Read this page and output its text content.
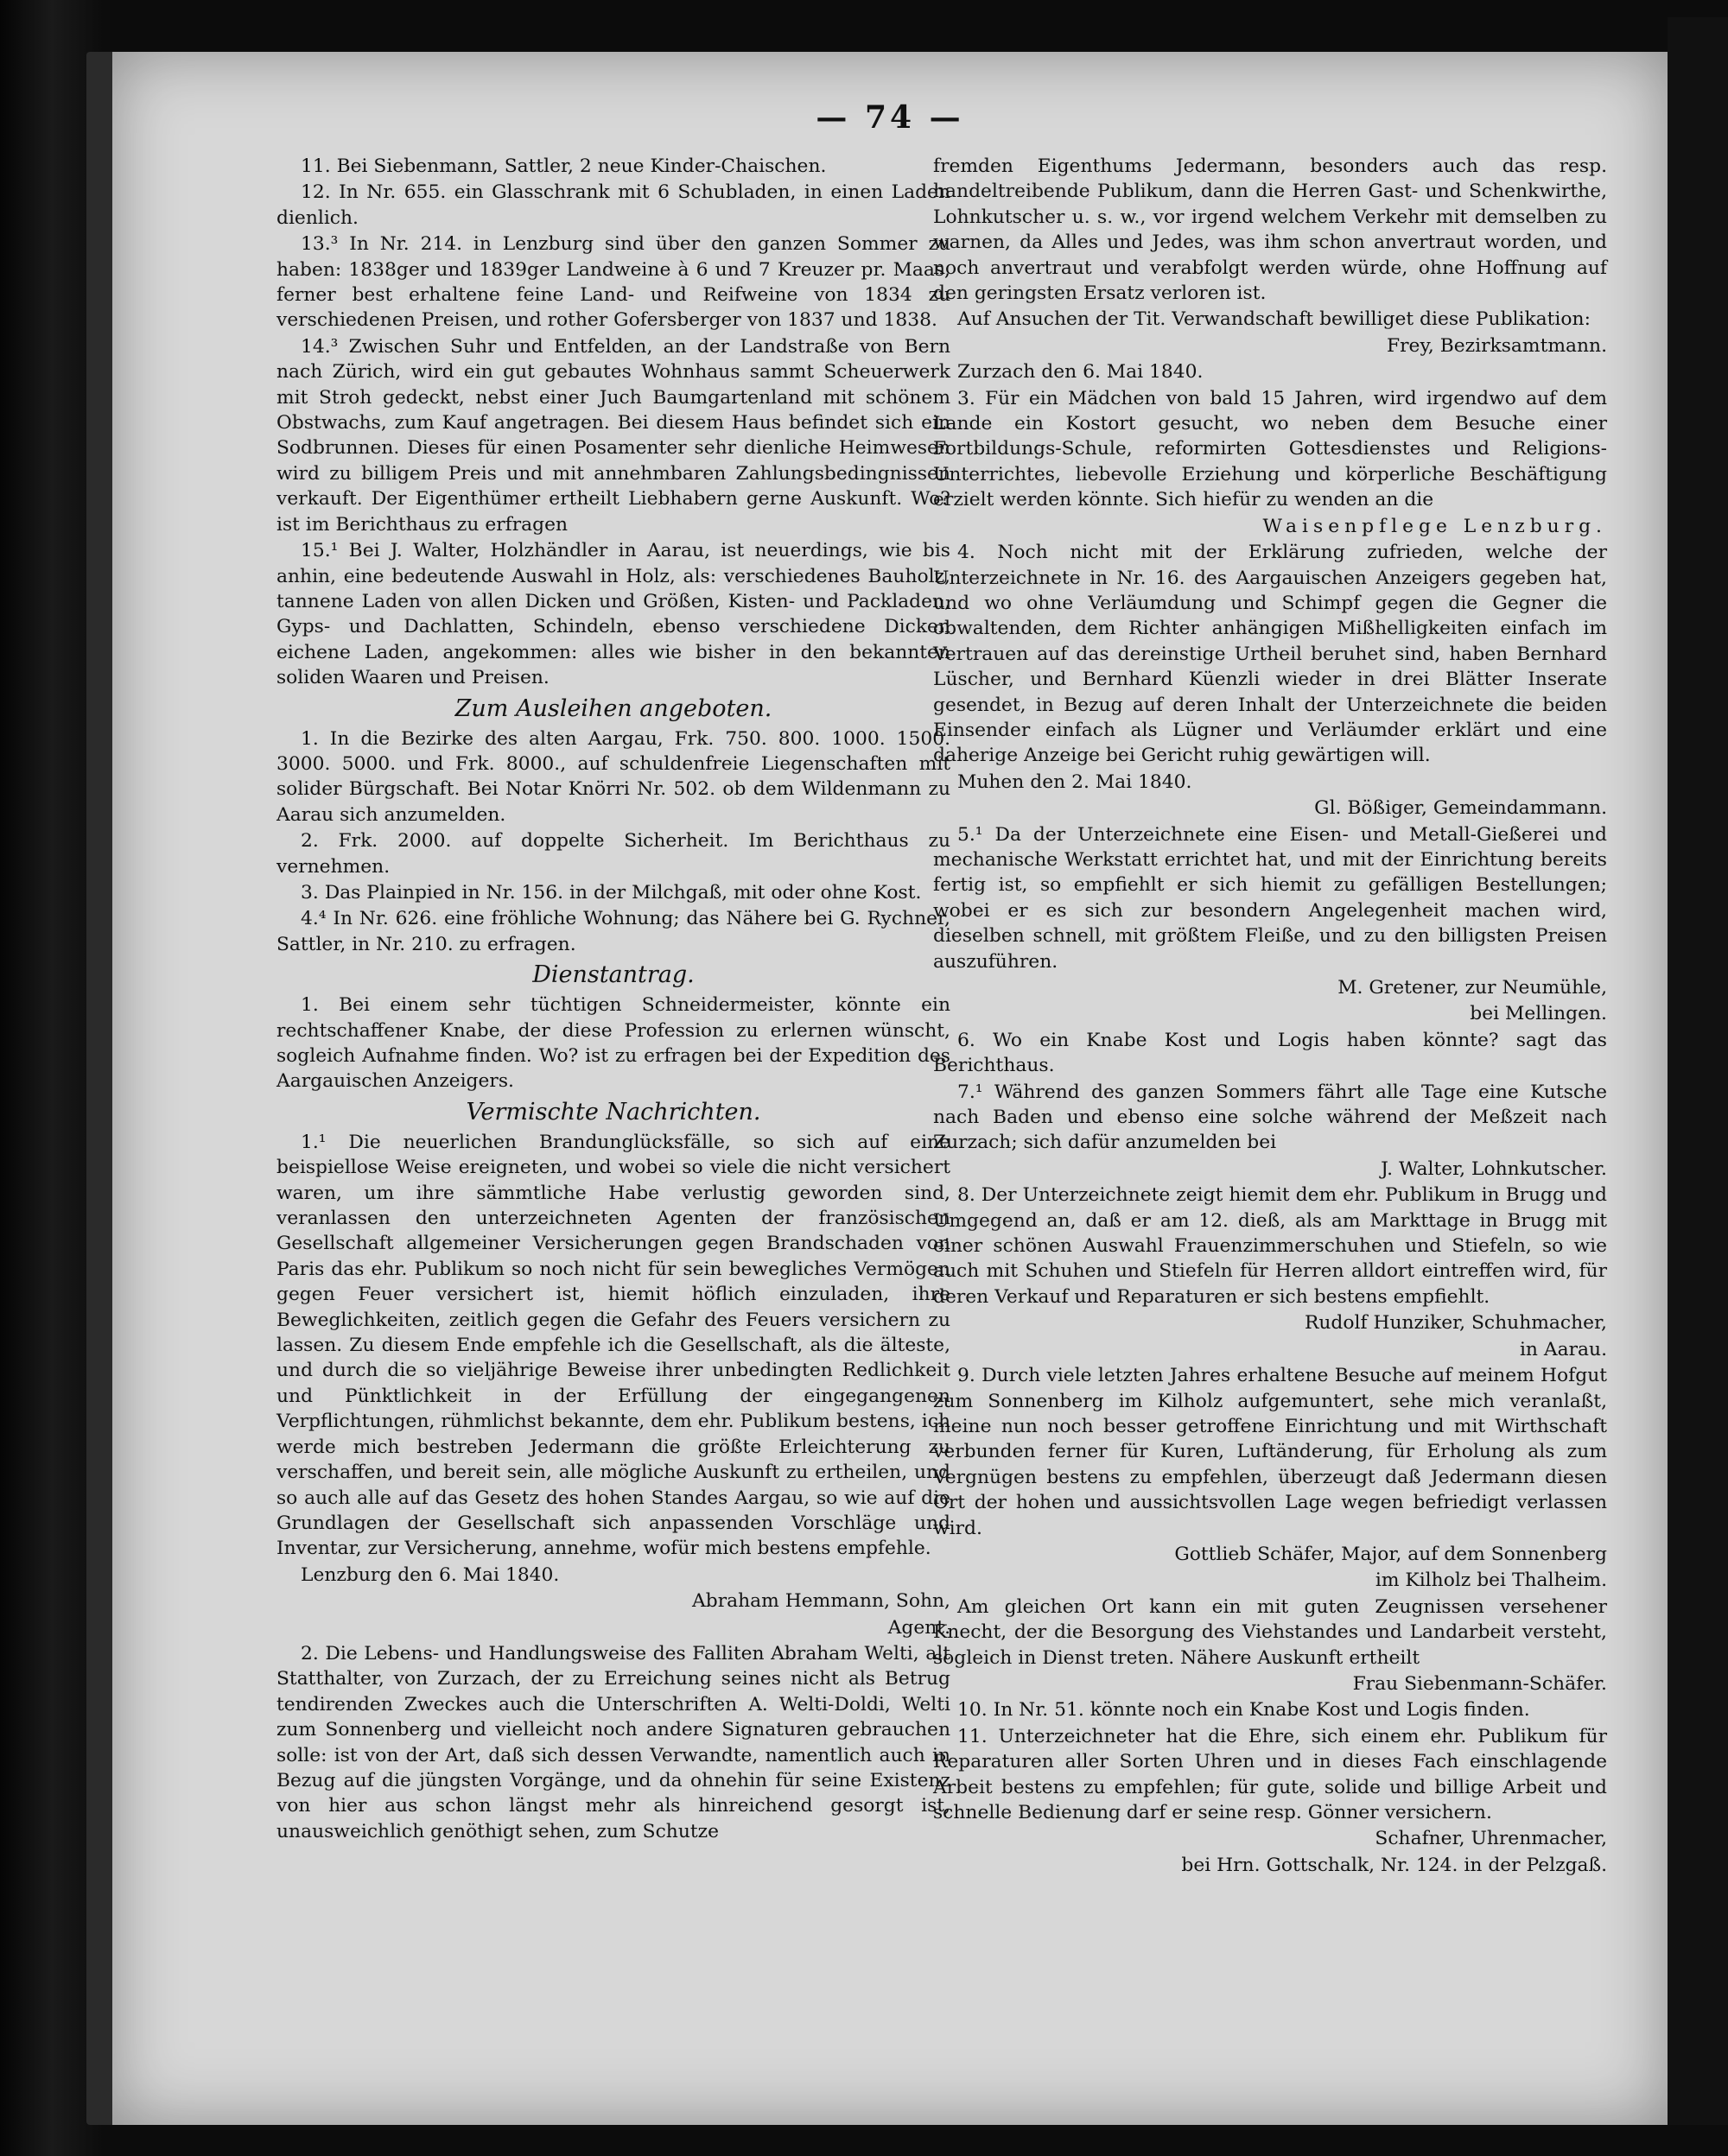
— 74 —

11. Bei Siebenmann, Sattler, 2 neue Kinder-Chaischen.

12. In Nr. 655. ein Glasschrank mit 6 Schubladen, in einen Laden dienlich.

13.³ In Nr. 214. in Lenzburg sind über den ganzen Sommer zu haben: 1838ger und 1839ger Landweine à 6 und 7 Kreuzer pr. Maas, ferner best erhaltene feine Land- und Reifweine von 1834 zu verschiedenen Preisen, und rother Gofersberger von 1837 und 1838.

14.³ Zwischen Suhr und Entfelden, an der Landstraße von Bern nach Zürich, wird ein gut gebautes Wohnhaus sammt Scheuerwerk mit Stroh gedeckt, nebst einer Juch Baumgartenland mit schönem Obstwachs, zum Kauf angetragen. Bei diesem Haus befindet sich ein Sodbrunnen. Dieses für einen Posamenter sehr dienliche Heimwesen wird zu billigem Preis und mit annehmbaren Zahlungsbedingnissen verkauft. Der Eigenthümer ertheilt Liebhabern gerne Auskunft. Wo? ist im Berichthaus zu erfragen

15.¹ Bei J. Walter, Holzhändler in Aarau, ist neuerdings, wie bis anhin, eine bedeutende Auswahl in Holz, als: verschiedenes Bauholz, tannene Laden von allen Dicken und Größen, Kisten- und Packladen, Gyps- und Dachlatten, Schindeln, ebenso verschiedene Dicken eichene Laden, angekommen: alles wie bisher in den bekannten soliden Waaren und Preisen.

Zum Ausleihen angeboten.

1. In die Bezirke des alten Aargau, Frk. 750. 800. 1000. 1500. 3000. 5000. und Frk. 8000., auf schuldenfreie Liegenschaften mit solider Bürgschaft. Bei Notar Knörri Nr. 502. ob dem Wildenmann zu Aarau sich anzumelden.

2. Frk. 2000. auf doppelte Sicherheit. Im Berichthaus zu vernehmen.

3. Das Plainpied in Nr. 156. in der Milchgaß, mit oder ohne Kost.

4.⁴ In Nr. 626. eine fröhliche Wohnung; das Nähere bei G. Rychner, Sattler, in Nr. 210. zu erfragen.

Dienstantrag.

1. Bei einem sehr tüchtigen Schneidermeister, könnte ein rechtschaffener Knabe, der diese Profession zu erlernen wünscht, sogleich Aufnahme finden. Wo? ist zu erfragen bei der Expedition des Aargauischen Anzeigers.

Vermischte Nachrichten.

1.¹ Die neuerlichen Brandunglücksfälle, so sich auf eine beispiellose Weise ereigneten, und wobei so viele die nicht versichert waren, um ihre sämmtliche Habe verlustig geworden sind, veranlassen den unterzeichneten Agenten der französischen Gesellschaft allgemeiner Versicherungen gegen Brandschaden von Paris das ehr. Publikum so noch nicht für sein bewegliches Vermögen gegen Feuer versichert ist, hiemit höflich einzuladen, ihre Beweglichkeiten, zeitlich gegen die Gefahr des Feuers versichern zu lassen. Zu diesem Ende empfehle ich die Gesellschaft, als die älteste, und durch die so vieljährige Beweise ihrer unbedingten Redlichkeit und Pünktlichkeit in der Erfüllung der eingegangenen Verpflichtungen, rühmlichst bekannte, dem ehr. Publikum bestens, ich werde mich bestreben Jedermann die größte Erleichterung zu verschaffen, und bereit sein, alle mögliche Auskunft zu ertheilen, und so auch alle auf das Gesetz des hohen Standes Aargau, so wie auf die Grundlagen der Gesellschaft sich anpassenden Vorschläge und Inventar, zur Versicherung, annehme, wofür mich bestens empfehle.

Lenzburg den 6. Mai 1840.

Abraham Hemmann, Sohn,

Agent.

2. Die Lebens- und Handlungsweise des Falliten Abraham Welti, alt Statthalter, von Zurzach, der zu Erreichung seines nicht als Betrug tendirenden Zweckes auch die Unterschriften A. Welti-Doldi, Welti zum Sonnenberg und vielleicht noch andere Signaturen gebrauchen solle: ist von der Art, daß sich dessen Verwandte, namentlich auch in Bezug auf die jüngsten Vorgänge, und da ohnehin für seine Existenz von hier aus schon längst mehr als hinreichend gesorgt ist, unausweichlich genöthigt sehen, zum Schutze

fremden Eigenthums Jedermann, besonders auch das resp. handeltreibende Publikum, dann die Herren Gast- und Schenkwirthe, Lohnkutscher u. s. w., vor irgend welchem Verkehr mit demselben zu warnen, da Alles und Jedes, was ihm schon anvertraut worden, und noch anvertraut und verabfolgt werden würde, ohne Hoffnung auf den geringsten Ersatz verloren ist.

Auf Ansuchen der Tit. Verwandschaft bewilliget diese Publikation:

Frey, Bezirksamtmann.

Zurzach den 6. Mai 1840.

3. Für ein Mädchen von bald 15 Jahren, wird irgendwo auf dem Lande ein Kostort gesucht, wo neben dem Besuche einer Fortbildungs-Schule, reformirten Gottesdienstes und Religions-Unterrichtes, liebevolle Erziehung und körperliche Beschäftigung erzielt werden könnte. Sich hiefür zu wenden an die

Waisenpflege Lenzburg.

4. Noch nicht mit der Erklärung zufrieden, welche der Unterzeichnete in Nr. 16. des Aargauischen Anzeigers gegeben hat, und wo ohne Verläumdung und Schimpf gegen die Gegner die obwaltenden, dem Richter anhängigen Mißhelligkeiten einfach im Vertrauen auf das dereinstige Urtheil beruhet sind, haben Bernhard Lüscher, und Bernhard Küenzli wieder in drei Blätter Inserate gesendet, in Bezug auf deren Inhalt der Unterzeichnete die beiden Einsender einfach als Lügner und Verläumder erklärt und eine daherige Anzeige bei Gericht ruhig gewärtigen will.

Muhen den 2. Mai 1840.

Gl. Bößiger, Gemeindammann.

5.¹ Da der Unterzeichnete eine Eisen- und Metall-Gießerei und mechanische Werkstatt errichtet hat, und mit der Einrichtung bereits fertig ist, so empfiehlt er sich hiemit zu gefälligen Bestellungen; wobei er es sich zur besondern Angelegenheit machen wird, dieselben schnell, mit größtem Fleiße, und zu den billigsten Preisen auszuführen.

M. Gretener, zur Neumühle,

bei Mellingen.

6. Wo ein Knabe Kost und Logis haben könnte? sagt das Berichthaus.

7.¹ Während des ganzen Sommers fährt alle Tage eine Kutsche nach Baden und ebenso eine solche während der Meßzeit nach Zurzach; sich dafür anzumelden bei

J. Walter, Lohnkutscher.

8. Der Unterzeichnete zeigt hiemit dem ehr. Publikum in Brugg und Umgegend an, daß er am 12. dieß, als am Markttage in Brugg mit einer schönen Auswahl Frauenzimmerschuhen und Stiefeln, so wie auch mit Schuhen und Stiefeln für Herren alldort eintreffen wird, für deren Verkauf und Reparaturen er sich bestens empfiehlt.

Rudolf Hunziker, Schuhmacher,

in Aarau.

9. Durch viele letzten Jahres erhaltene Besuche auf meinem Hofgut zum Sonnenberg im Kilholz aufgemuntert, sehe mich veranlaßt, meine nun noch besser getroffene Einrichtung und mit Wirthschaft verbunden ferner für Kuren, Luftänderung, für Erholung als zum Vergnügen bestens zu empfehlen, überzeugt daß Jedermann diesen Ort der hohen und aussichtsvollen Lage wegen befriedigt verlassen wird.

Gottlieb Schäfer, Major, auf dem Sonnenberg

im Kilholz bei Thalheim.

Am gleichen Ort kann ein mit guten Zeugnissen versehener Knecht, der die Besorgung des Viehstandes und Landarbeit versteht, sogleich in Dienst treten. Nähere Auskunft ertheilt

Frau Siebenmann-Schäfer.

10. In Nr. 51. könnte noch ein Knabe Kost und Logis finden.

11. Unterzeichneter hat die Ehre, sich einem ehr. Publikum für Reparaturen aller Sorten Uhren und in dieses Fach einschlagende Arbeit bestens zu empfehlen; für gute, solide und billige Arbeit und schnelle Bedienung darf er seine resp. Gönner versichern.

Schafner, Uhrenmacher,

bei Hrn. Gottschalk, Nr. 124. in der Pelzgaß.
